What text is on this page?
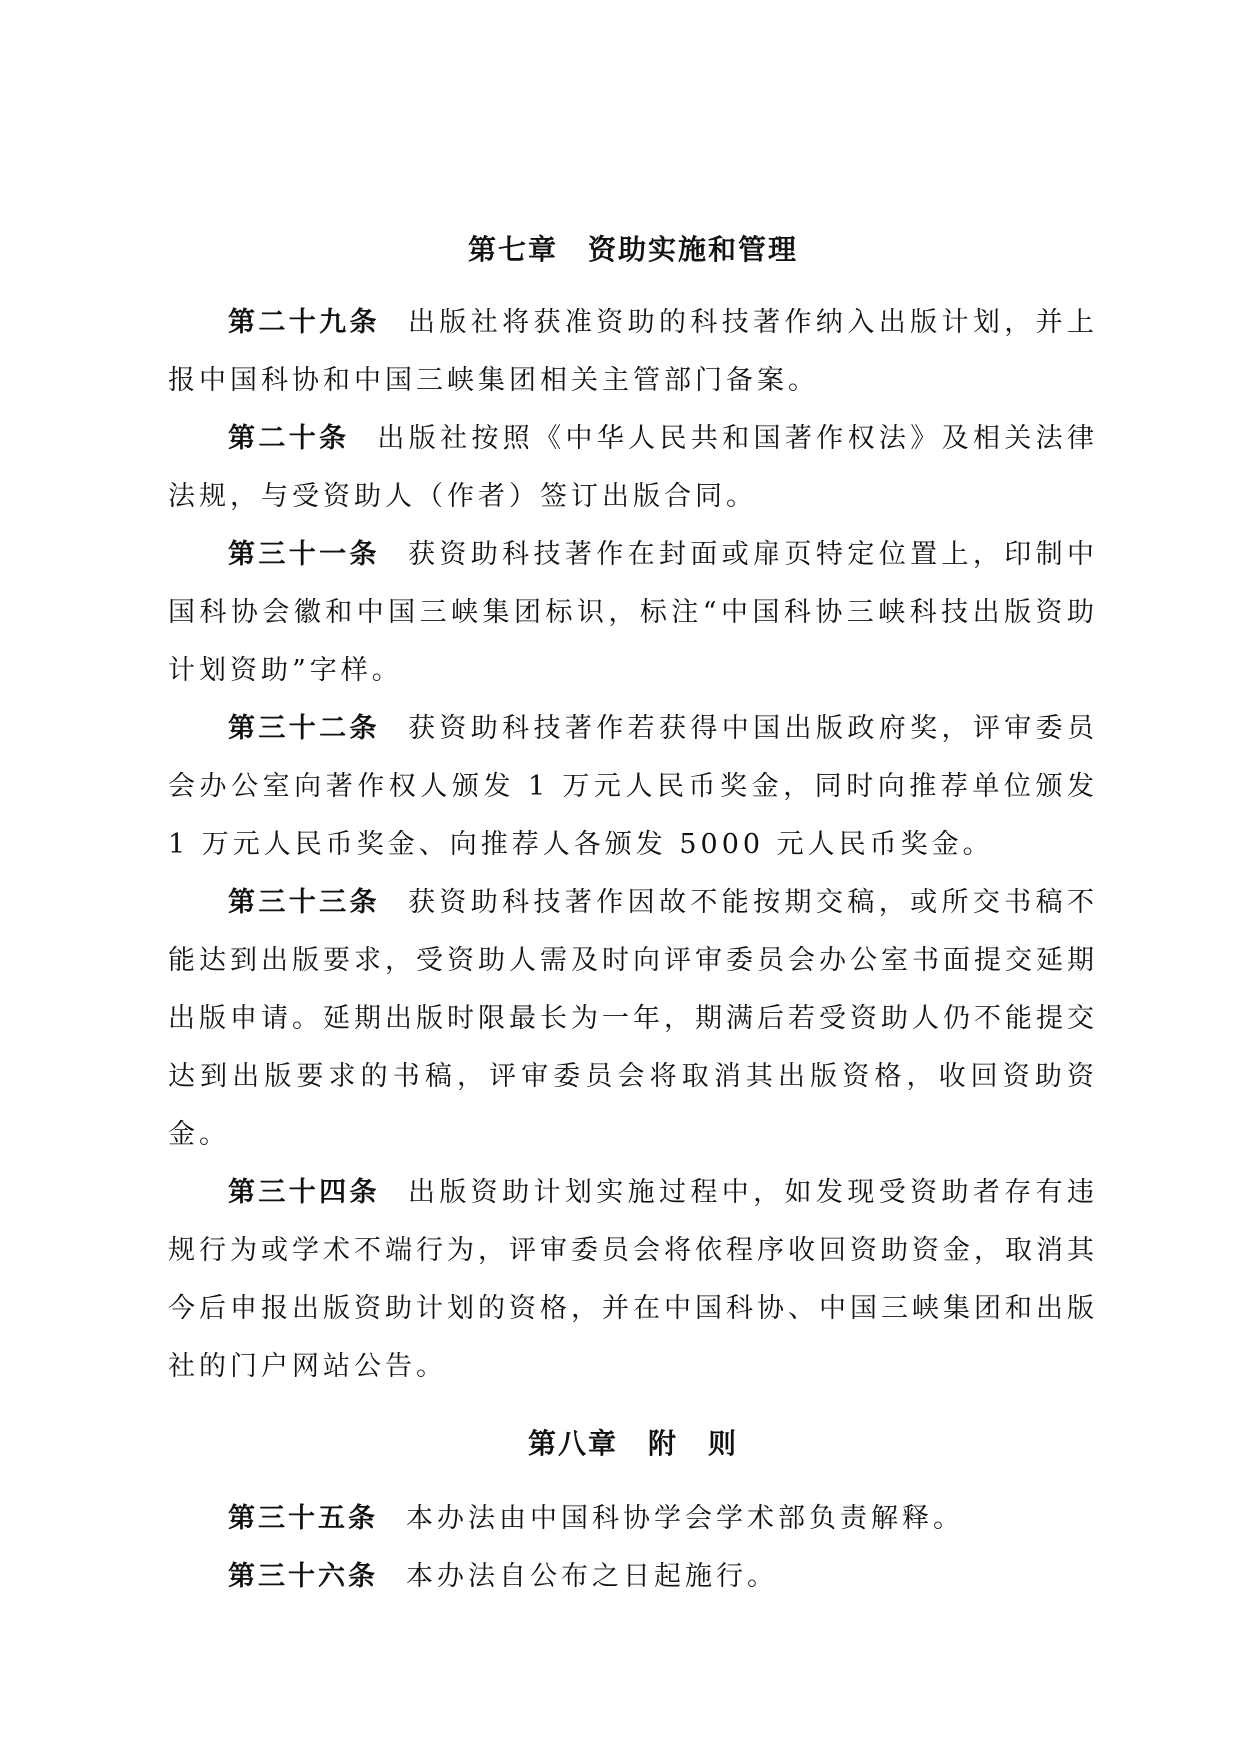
第七章　资助实施和管理

第二十九条 出版社将获准资助的科技著作纳入出版计划，并上报中国科协和中国三峡集团相关主管部门备案。

第二十条 出版社按照《中华人民共和国著作权法》及相关法律法规，与受资助人（作者）签订出版合同。

第三十一条 获资助科技著作在封面或扉页特定位置上，印制中国科协会徽和中国三峡集团标识，标注“中国科协三峡科技出版资助计划资助”字样。

第三十二条 获资助科技著作若获得中国出版政府奖，评审委员会办公室向著作权人颁发 1 万元人民币奖金，同时向推荐单位颁发 1 万元人民币奖金、向推荐人各颁发 5000 元人民币奖金。

第三十三条 获资助科技著作因故不能按期交稿，或所交书稿不能达到出版要求，受资助人需及时向评审委员会办公室书面提交延期出版申请。延期出版时限最长为一年，期满后若受资助人仍不能提交达到出版要求的书稿，评审委员会将取消其出版资格，收回资助资金。

第三十四条 出版资助计划实施过程中，如发现受资助者存有违规行为或学术不端行为，评审委员会将依程序收回资助资金，取消其今后申报出版资助计划的资格，并在中国科协、中国三峡集团和出版社的门户网站公告。

第八章　附　则

第三十五条 本办法由中国科协学会学术部负责解释。

第三十六条 本办法自公布之日起施行。
